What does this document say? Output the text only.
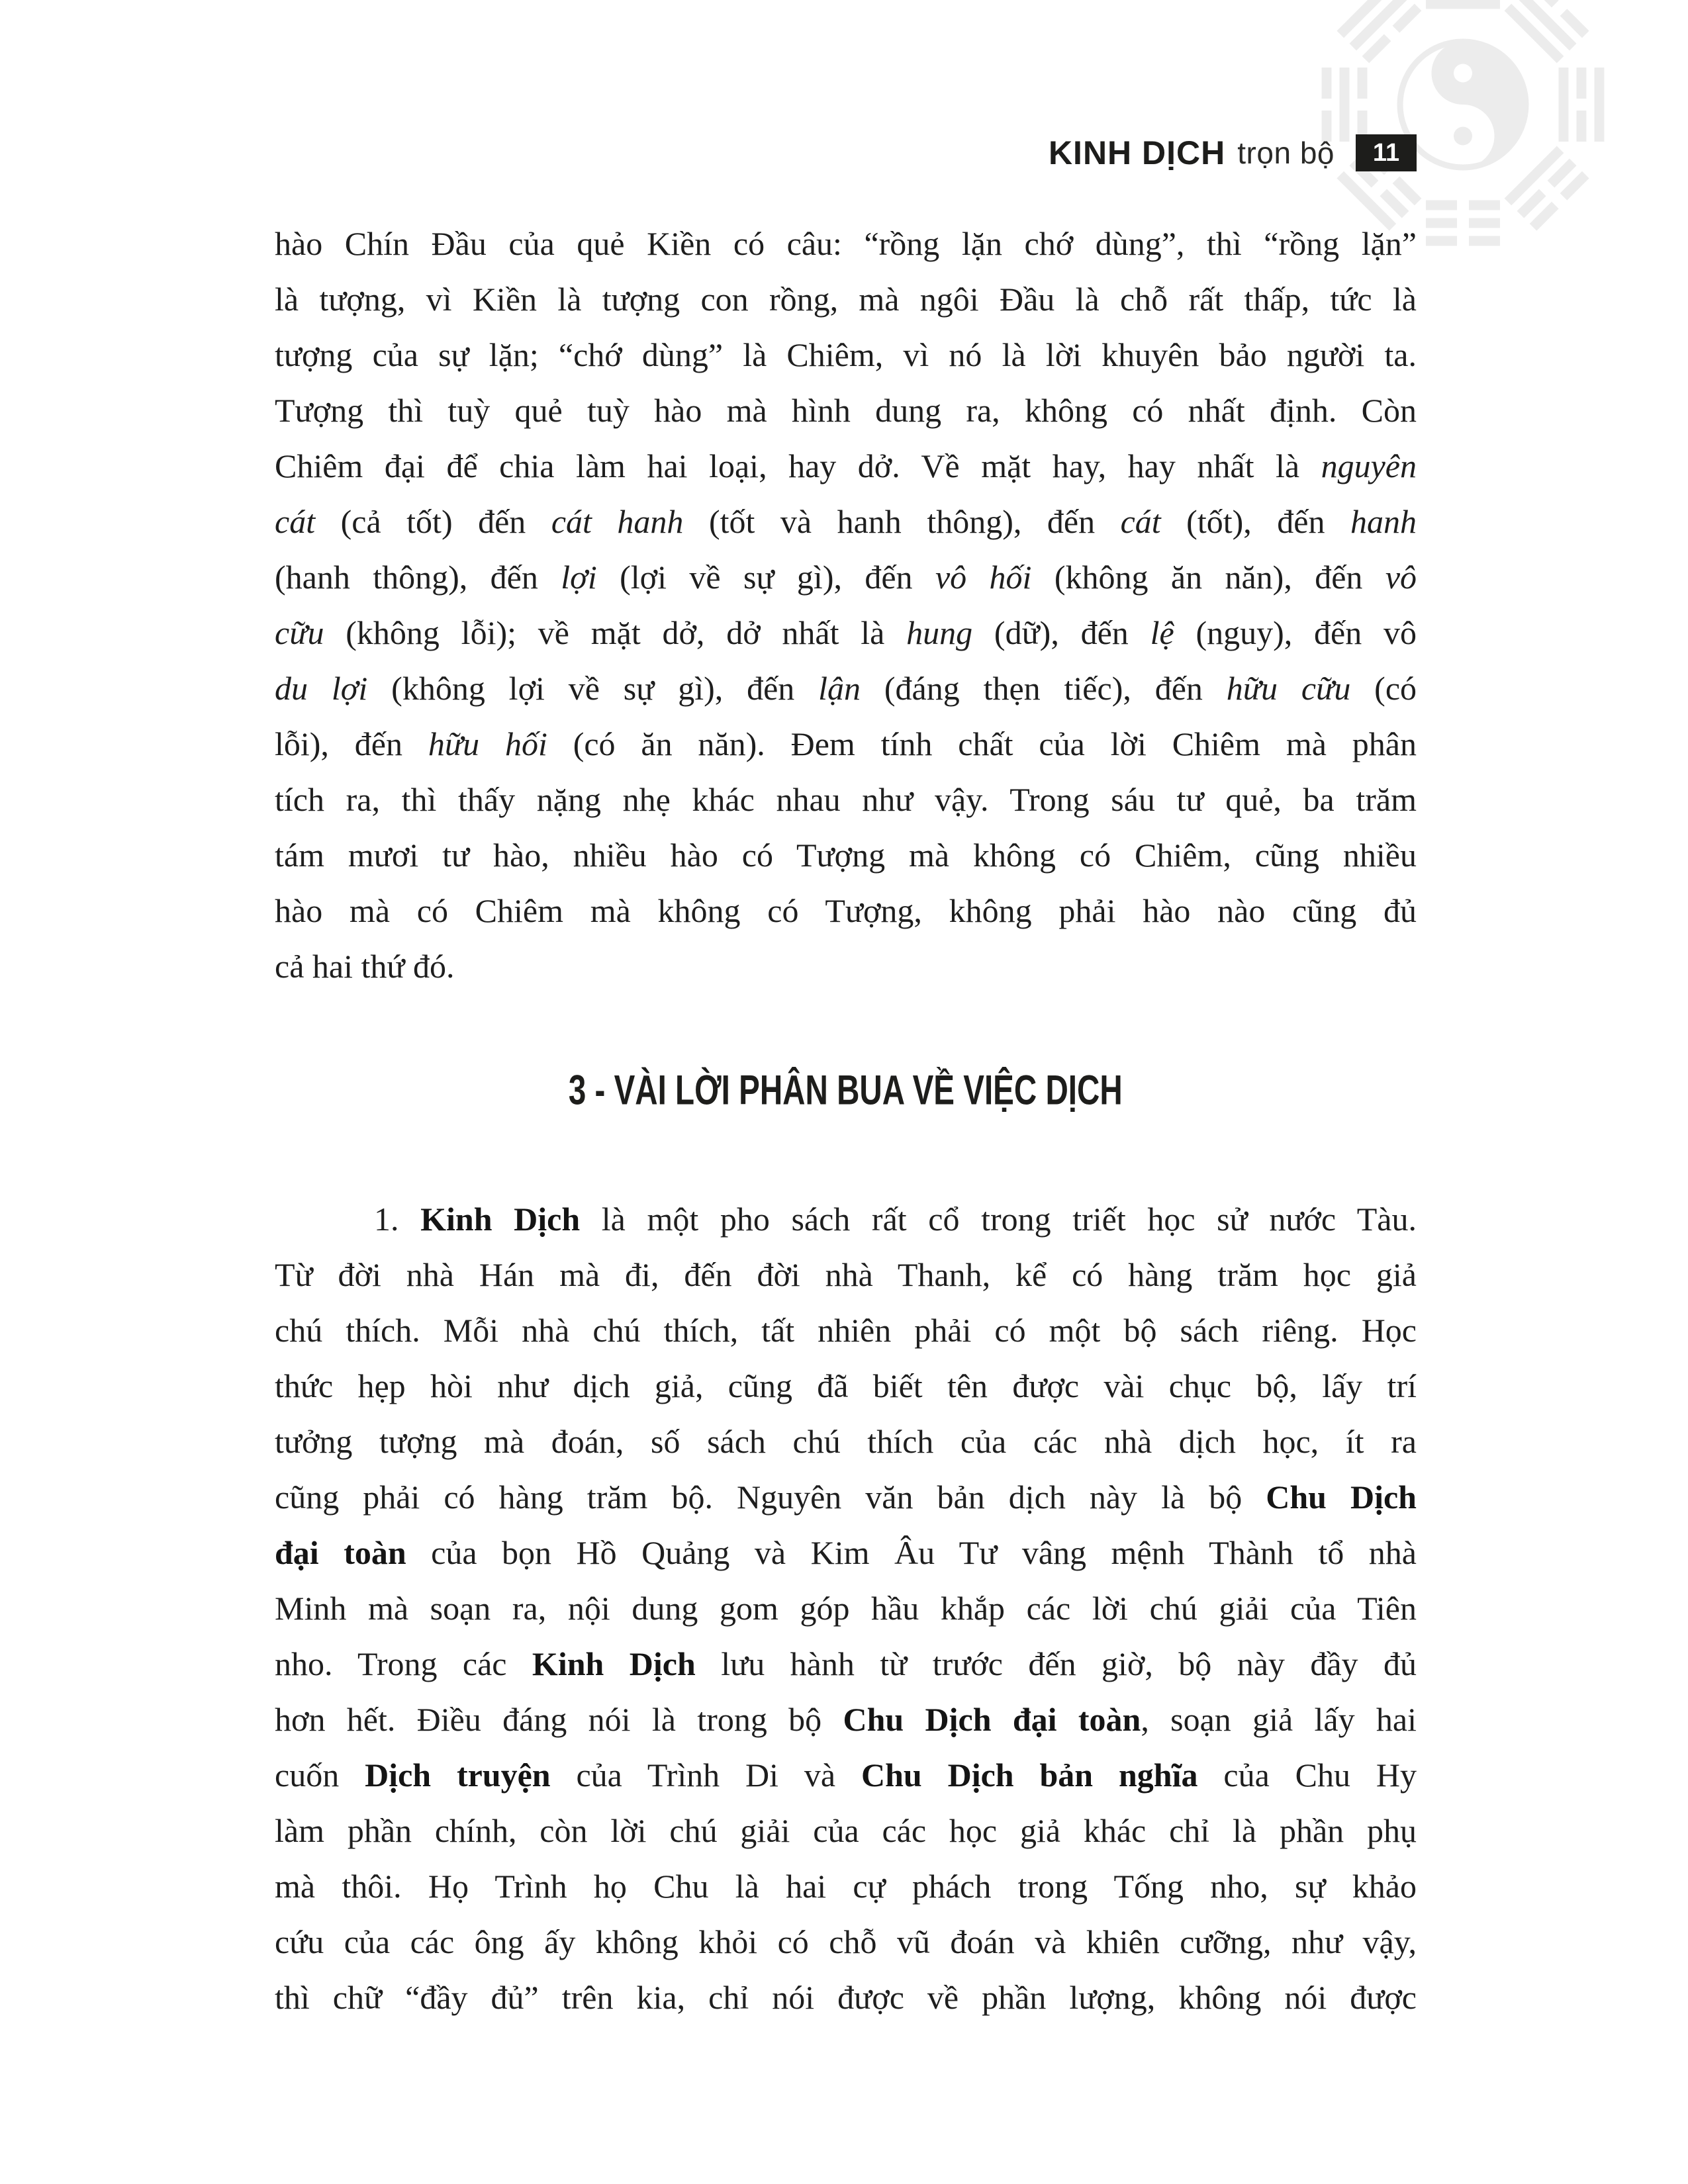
KINH DỊCH trọn bộ	11
hào Chín Đầu của quẻ Kiền có câu: “rồng lặn chớ dùng”, thì “rồng lặn”
là tượng, vì Kiền là tượng con rồng, mà ngôi Đầu là chỗ rất thấp, tức là
tượng của sự lặn; “chớ dùng” là Chiêm, vì nó là lời khuyên bảo người ta.
Tượng thì tuỳ quẻ tuỳ hào mà hình dung ra, không có nhất định. Còn
Chiêm đại để chia làm hai loại, hay dở. Về mặt hay, hay nhất là nguyên
cát (cả tốt) đến cát hanh (tốt và hanh thông), đến cát (tốt), đến hanh
(hanh thông), đến lợi (lợi về sự gì), đến vô hối (không ăn năn), đến vô
cữu (không lỗi); về mặt dở, dở nhất là hung (dữ), đến lệ (nguy), đến vô
du lợi (không lợi về sự gì), đến lận (đáng thẹn tiếc), đến hữu cữu (có
lỗi), đến hữu hối (có ăn năn). Đem tính chất của lời Chiêm mà phân
tích ra, thì thấy nặng nhẹ khác nhau như vậy. Trong sáu tư quẻ, ba trăm
tám mươi tư hào, nhiều hào có Tượng mà không có Chiêm, cũng nhiều
hào mà có Chiêm mà không có Tượng, không phải hào nào cũng đủ
cả hai thứ đó.
3 - VÀI LỜI PHÂN BUA VỀ VIỆC DỊCH
1. Kinh Dịch là một pho sách rất cổ trong triết học sử nước Tàu.
Từ đời nhà Hán mà đi, đến đời nhà Thanh, kể có hàng trăm học giả
chú thích. Mỗi nhà chú thích, tất nhiên phải có một bộ sách riêng. Học
thức hẹp hòi như dịch giả, cũng đã biết tên được vài chục bộ, lấy trí
tưởng tượng mà đoán, số sách chú thích của các nhà dịch học, ít ra
cũng phải có hàng trăm bộ. Nguyên văn bản dịch này là bộ Chu Dịch
đại toàn của bọn Hồ Quảng và Kim Âu Tư vâng mệnh Thành tổ nhà
Minh mà soạn ra, nội dung gom góp hầu khắp các lời chú giải của Tiên
nho. Trong các Kinh Dịch lưu hành từ trước đến giờ, bộ này đầy đủ
hơn hết. Điều đáng nói là trong bộ Chu Dịch đại toàn, soạn giả lấy hai
cuốn Dịch truyện của Trình Di và Chu Dịch bản nghĩa của Chu Hy
làm phần chính, còn lời chú giải của các học giả khác chỉ là phần phụ
mà thôi. Họ Trình họ Chu là hai cự phách trong Tống nho, sự khảo
cứu của các ông ấy không khỏi có chỗ vũ đoán và khiên cưỡng, như vậy,
thì chữ “đầy đủ” trên kia, chỉ nói được về phần lượng, không nói được
